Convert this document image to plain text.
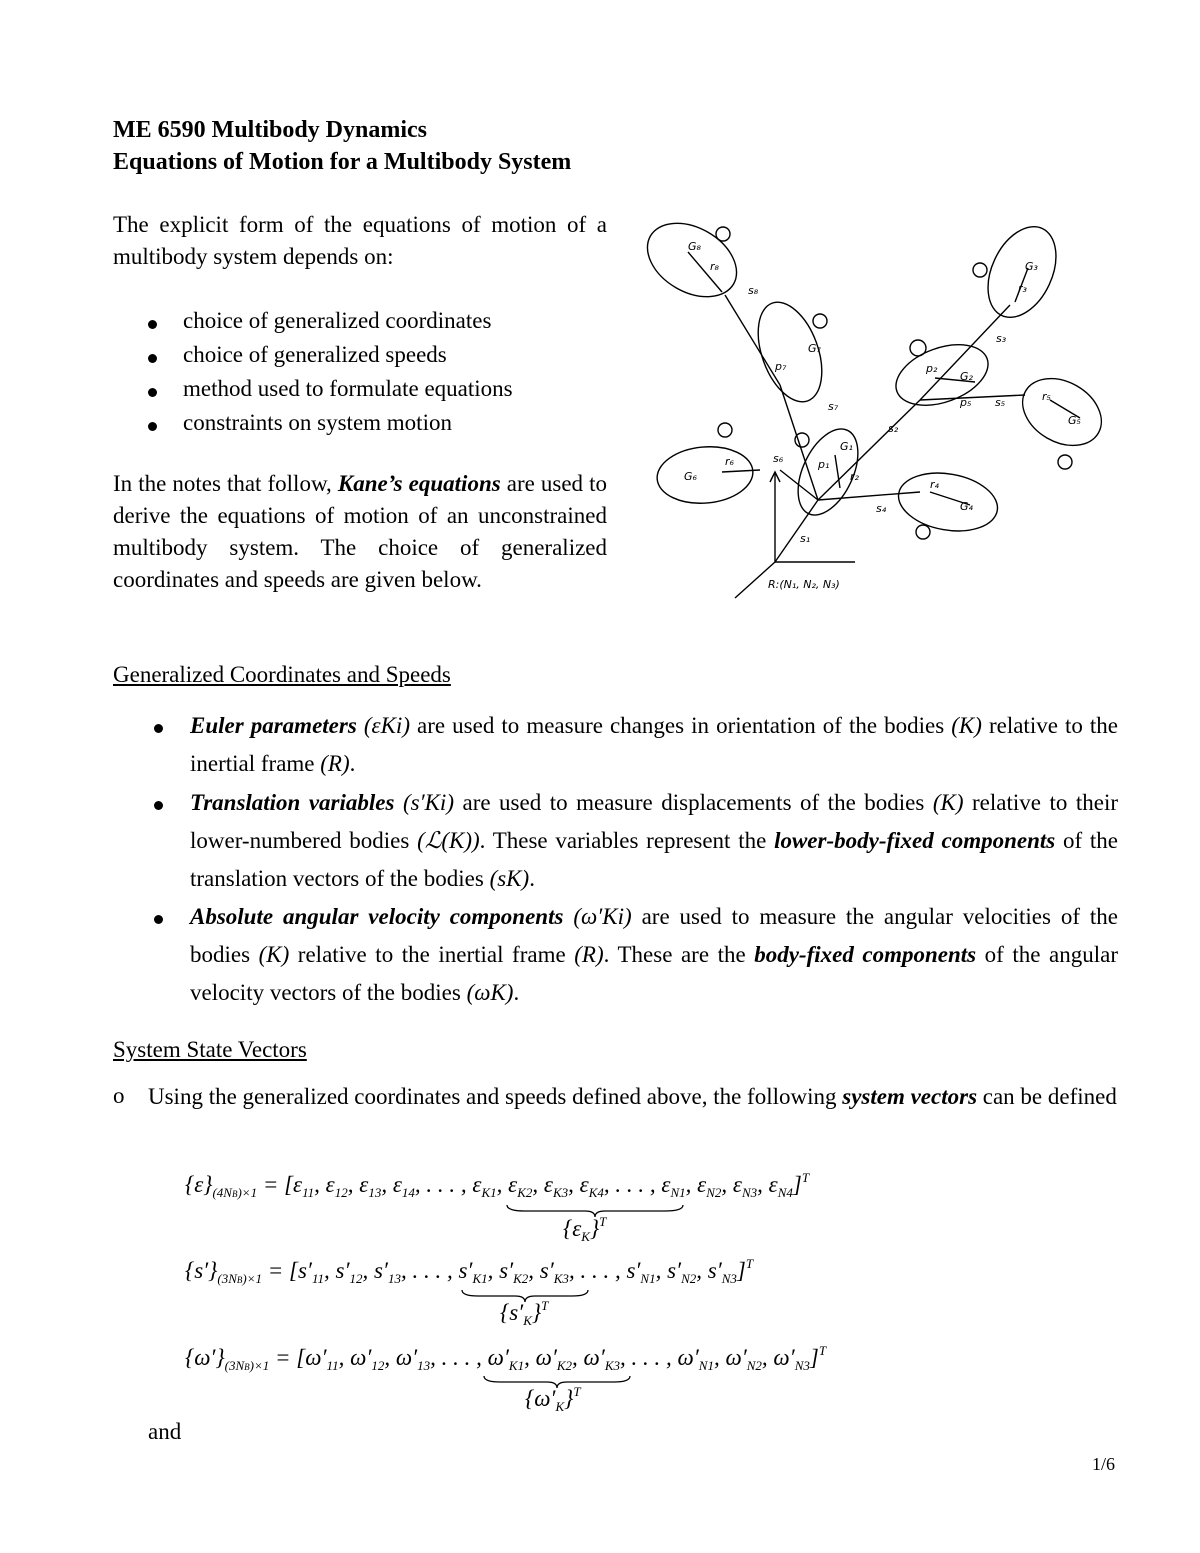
ME 6590 Multibody Dynamics
Equations of Motion for a Multibody System
The explicit form of the equations of motion of a multibody system depends on:
choice of generalized coordinates
choice of generalized speeds
method used to formulate equations
constraints on system motion
In the notes that follow, Kane’s equations are used to derive the equations of motion of an unconstrained multibody system. The choice of generalized coordinates and speeds are given below.	R:(N₁, N₂, N₃)
s₁
s₂
s₃
s₄
s₅
s₆
s₇
s₈
G₁
G₂
G₃
G₄
G₅
G₆
G₇
G₈
r₂
r₃
r₄
r₅
r₆
r₈
p₁
p₇	p₂
p₅
Generalized Coordinates and Speeds
Euler parameters (εKi) are used to measure changes in orientation of the bodies (K) relative to the inertial frame (R).
Translation variables (s′Ki) are used to measure displacements of the bodies (K) relative to their lower-numbered bodies (ℒ(K)). These variables represent the lower-body-fixed components of the translation vectors of the bodies (sK).
Absolute angular velocity components (ω′Ki) are used to measure the angular velocities of the bodies (K) relative to the inertial frame (R). These are the body-fixed components of the angular velocity vectors of the bodies (ωK).
System State Vectors
o Using the generalized coordinates and speeds defined above, the following system vectors can be defined
$\{\varepsilon\}_{(4NB)\times 1} = [\varepsilon_{11}$, $\varepsilon_{12}$, $\varepsilon_{13}$, $\varepsilon_{14}$, . . . , $\varepsilon_{K1}$, $\varepsilon_{K2}$, $\varepsilon_{K3}$, $\varepsilon_{K4}$, . . . , $\varepsilon_{N1}$, $\varepsilon_{N2}$, $\varepsilon_{N3}$, $\varepsilon_{N4}]^T$
$\{\varepsilon_K\}^T$
$\{s'\}_{(3NB)\times 1} = [s'_{11}$, $s'_{12}$, $s'_{13}$, . . . , $s'_{K1}$, $s'_{K2}$, $s'_{K3}$, . . . , $s'_{N1}$, $s'_{N2}$, $s'_{N3}]^T$
$\{s'_K\}^T$
$\{\omega'\}_{(3NB)\times 1} = [\omega'_{11}$, $\omega'_{12}$, $\omega'_{13}$, . . . , $\omega'_{K1}$, $\omega'_{K2}$, $\omega'_{K3}$, . . . , $\omega'_{N1}$, $\omega'_{N2}$, $\omega'_{N3}]^T$
$\{\omega'_K\}^T$
and
1/6
